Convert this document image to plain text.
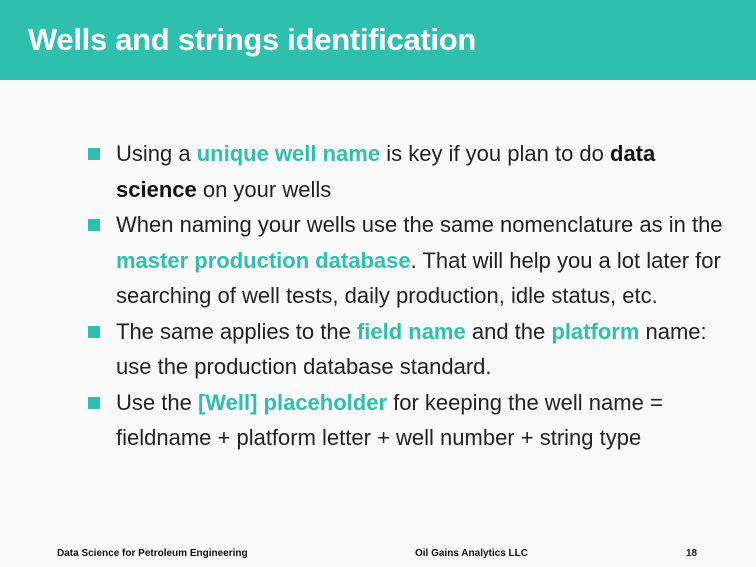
Wells and strings identification
Using a unique well name is key if you plan to do data science on your wells
When naming your wells use the same nomenclature as in the master production database. That will help you a lot later for searching of well tests, daily production, idle status, etc.
The same applies to the field name and the platform name: use the production database standard.
Use the [Well] placeholder for keeping the well name = fieldname + platform letter + well number + string type
Data Science for Petroleum Engineering	Oil Gains Analytics LLC	18
